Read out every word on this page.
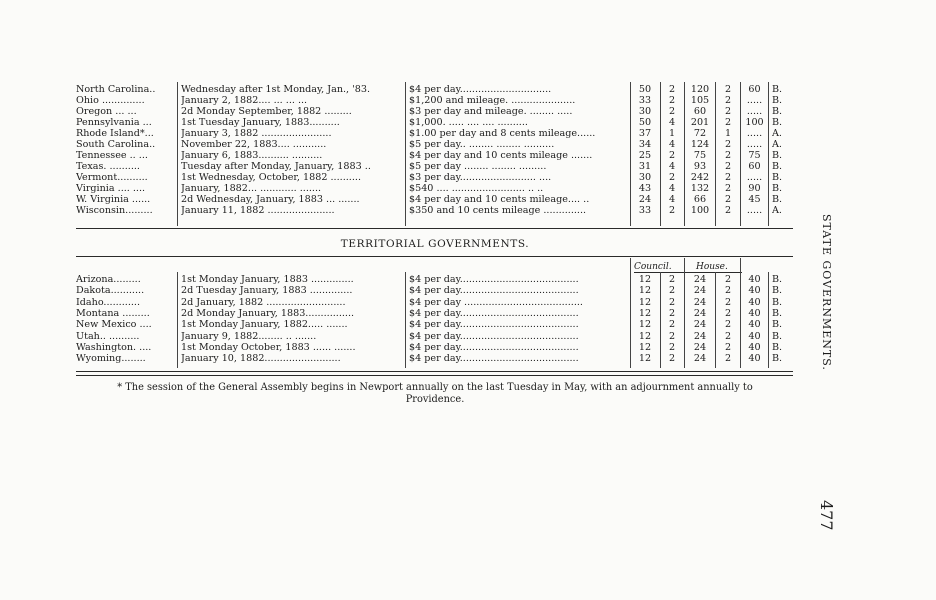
North Carolina..	Wednesday after 1st Monday, Jan., '83.	$4 per day..............................	50	2	120	2	60	B.
Ohio ..............	January 2, 1882.... ... ... ...	$1,200 and mileage. .....................	33	2	105	2	.....	B.
Oregon ... ...	2d Monday September, 1882 .........	$3 per day and mileage. ........ .....	30	2	60	2	.....	B.
Pennsylvania ...	1st Tuesday January, 1883..........	$1,000. ..... .... .... ..........	50	4	201	2	100 B.
Rhode Island*...	January 3, 1882 .......................	$1.00 per day and 8 cents mileage......	37	1	72	1	.....	A.
South Carolina..	November 22, 1883.... ...........	$5 per day.. ........ ........ ..........	34	4	124	2	.....	A.
Tennessee .. ...	January 6, 1883.......... ..........	$4 per day and 10 cents mileage .......	25	2	75	2	75	B.
Texas. ..........	Tuesday after Monday, January, 1883 ..	$5 per day ........ ........ .........	31	4	93	2	60	B.
Vermont..........	1st Wednesday, October, 1882 ..........	$3 per day......................... ....	30	2	242	2	.....	B.
Virginia .... ....	January, 1882... ............ .......	$540 .... ........................ .. ..	43	4	132	2	90	B.
W. Virginia ......	2d Wednesday, January, 1883 ... .......	$4 per day and 10 cents mileage.... ..	24	4	66	2	45	B.
Wisconsin.........	January 11, 1882 ......................	$350 and 10 cents mileage ..............	33	2	100	2	.....	A.
TERRITORIAL GOVERNMENTS.
Council.	House.
Arizona.........	1st Monday January, 1883 ..............	$4 per day.......................................	12	2	24	2	40	B.
Dakota...........	2d Tuesday January, 1883 ..............	$4 per day.......................................	12	2	24	2	40	B.
Idaho............	2d January, 1882 ..........................	$4 per day .......................................	12	2	24	2	40	B.
Montana .........	2d Monday January, 1883................	$4 per day.......................................	12	2	24	2	40	B.
New Mexico ....	1st Monday January, 1882..... .......	$4 per day.......................................	12	2	24	2	40	B.
Utah.. ..........	January 9, 1882........ .. .......	$4 per day.......................................	12	2	24	2	40	B.
Washington. ....	1st Monday October, 1883 ...... .......	$4 per day.......................................	12	2	24	2	40	B.
Wyoming........	January 10, 1882.........................	$4 per day.......................................	12	2	24	2	40	B.
* The session of the General Assembly begins in Newport annually on the last Tuesday in May, with an adjournment annually to Providence.
STATE GOVERNMENTS.
477
